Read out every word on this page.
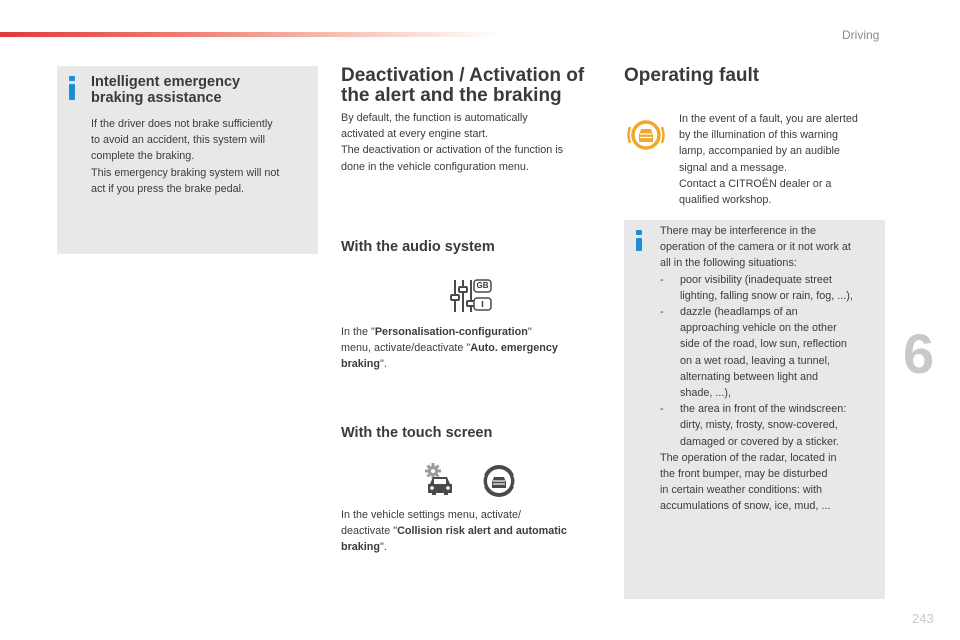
Driving
6
243
Intelligent emergency
braking assistance
If the driver does not brake sufficiently
to avoid an accident, this system will
complete the braking.
This emergency braking system will not
act if you press the brake pedal.
Deactivation / Activation of
the alert and the braking
By default, the function is automatically
activated at every engine start.
The deactivation or activation of the function is
done in the vehicle configuration menu.
With the audio system
GB
In the "Personalisation-configuration"
menu, activate/deactivate "Auto. emergency
braking".
With the touch screen
In the vehicle settings menu, activate/
deactivate "Collision risk alert and automatic
braking".
Operating fault
In the event of a fault, you are alerted
by the illumination of this warning
lamp, accompanied by an audible
signal and a message.
Contact a CITROËN dealer or a
qualified workshop.
There may be interference in the
operation of the camera or it not work at
all in the following situations:
-	poor visibility (inadequate street
lighting, falling snow or rain, fog, ...),
-	dazzle (headlamps of an
approaching vehicle on the other
side of the road, low sun, reflection
on a wet road, leaving a tunnel,
alternating between light and
shade, ...),
-	the area in front of the windscreen:
dirty, misty, frosty, snow-covered,
damaged or covered by a sticker.
The operation of the radar, located in
the front bumper, may be disturbed
in certain weather conditions: with
accumulations of snow, ice, mud, ...
